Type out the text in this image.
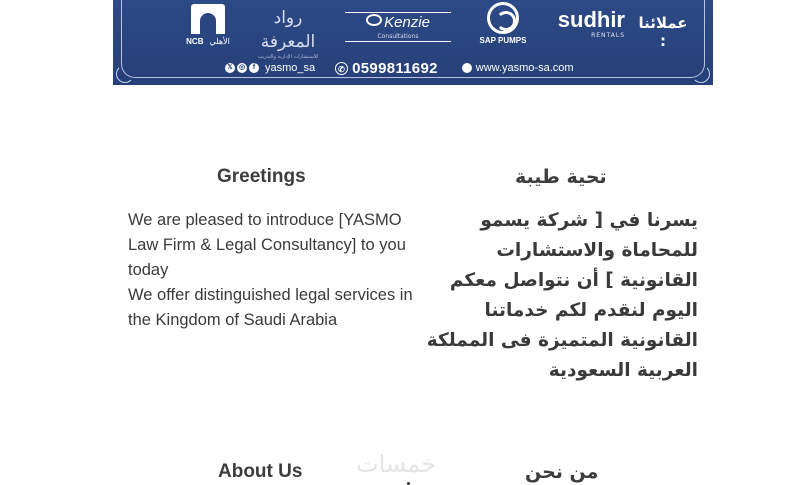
NCB الأهلي
رواد المعرفة
للاستشارات الإدارية والتدريب
Kenzie
Consultations	SAP PUMPS
sudhir
RENTALS
عملائنا :
𝕏 ◎	f yasmo_sa	✆ 0599811692	www.yasmo-sa.com
Greetings	تحية طيبة

We are pleased to introduce [YASMO Law Firm & Legal Consultancy] to you today

We offer distinguished legal services in the Kingdom of Saudi Arabia

يسرنا في [ شركة يسمو للمحاماة والاستشارات القانونية ] أن نتواصل معكم اليوم لنقدم لكم خدماتنا القانونية المتميزة فى المملكة العربية السعودية

About Us	من نحن
خمسات
